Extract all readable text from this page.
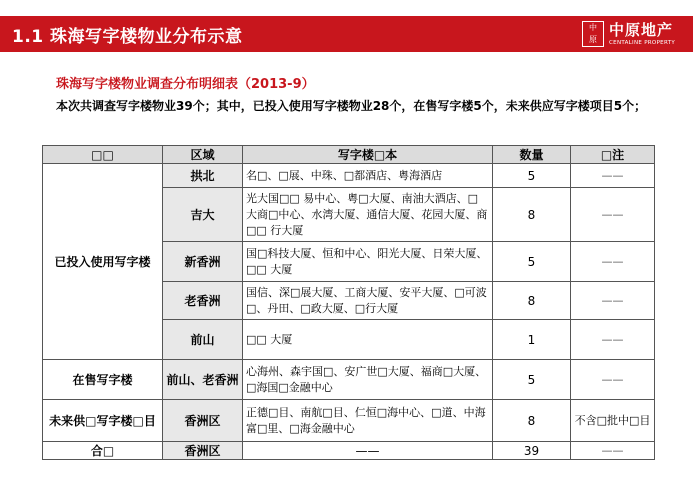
1.1 珠海写字楼物业分布示意	中
原
中原地产
CENTALINE PROPERTY
珠海写字楼物业调查分布明细表（2013-9）
本次共调查写字楼物业39个；其中，已投入使用写字楼物业28个，在售写字楼5个，未来供应写字楼项目5个；
□□	区域	写字楼□本	数量	□注
已投入使用写字楼	拱北	名□、□展、中珠、□都酒店、粤海酒店	5	——
	吉大	光大国□□ 易中心、粤□大厦、南油大酒店、□大商□中心、水湾大厦、通信大厦、花园大厦、商□□ 行大厦	8	——
	新香洲	国□科技大厦、恒和中心、阳光大厦、日荣大厦、□□ 大厦	5	——
	老香洲	国信、深□展大厦、工商大厦、安平大厦、□可波□、丹田、□政大厦、□行大厦	8	——
	前山	□□ 大厦	1	——
在售写字楼	前山、老香洲	心海州、森宇国□、安广世□大厦、福商□大厦、□海国□金融中心	5	——
未来供□写字楼□目	香洲区	正德□目、南航□目、仁恒□海中心、□道、中海富□里、□海金融中心	8	不含□批中□目
合□	香洲区	——	39	——
